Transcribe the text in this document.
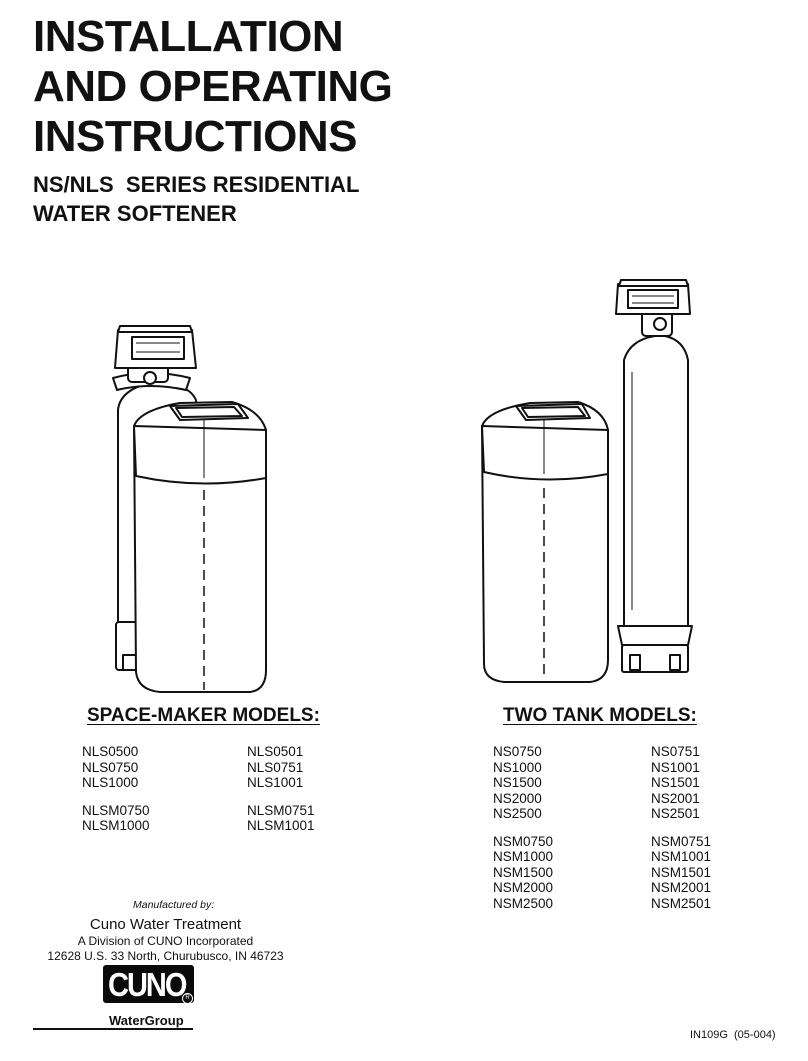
INSTALLATION
AND OPERATING
INSTRUCTIONS
NS/NLS  SERIES RESIDENTIAL
WATER SOFTENER
SPACE-MAKER MODELS:
NLS0500
NLS0750
NLS1000
NLSM0750
NLSM1000
NLS0501
NLS0751
NLS1001
NLSM0751
NLSM1001
TWO TANK MODELS:
NS0750
NS1000
NS1500
NS2000
NS2500
NSM0750
NSM1000
NSM1500
NSM2000
NSM2500
NS0751
NS1001
NS1501
NS2001
NS2501
NSM0751
NSM1001
NSM1501
NSM2001
NSM2501
Manufactured by:
Cuno Water Treatment
A Division of CUNO Incorporated
12628 U.S. 33 North, Churubusco, IN 46723
CUNO R
WaterGroup
IN109G  (05-004)
